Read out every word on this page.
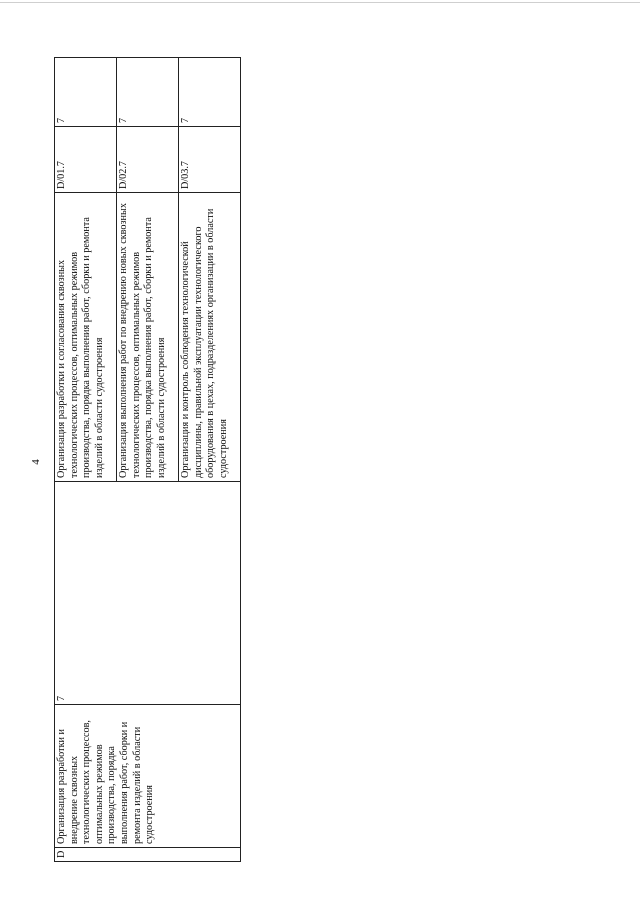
4
D	Организация разработки и внедрение сквозных технологических процессов, оптимальных режимов производства, порядка выполнения работ, сборки и ремонта изделий в области судостроения	7	Организация разработки и согласования сквозных технологических процессов, оптимальных режимов производства, порядка выполнения работ, сборки и ремонта изделий в области судостроения	D/01.7	7
			Организация выполнения работ по внедрению новых сквозных технологических процессов, оптимальных режимов производства, порядка выполнения работ, сборки и ремонта изделий в области судостроения	D/02.7	7
			Организация и контроль соблюдения технологической дисциплины, правильной эксплуатации технологического оборудования в цехах, подразделениях организации в области судостроения	D/03.7	7
